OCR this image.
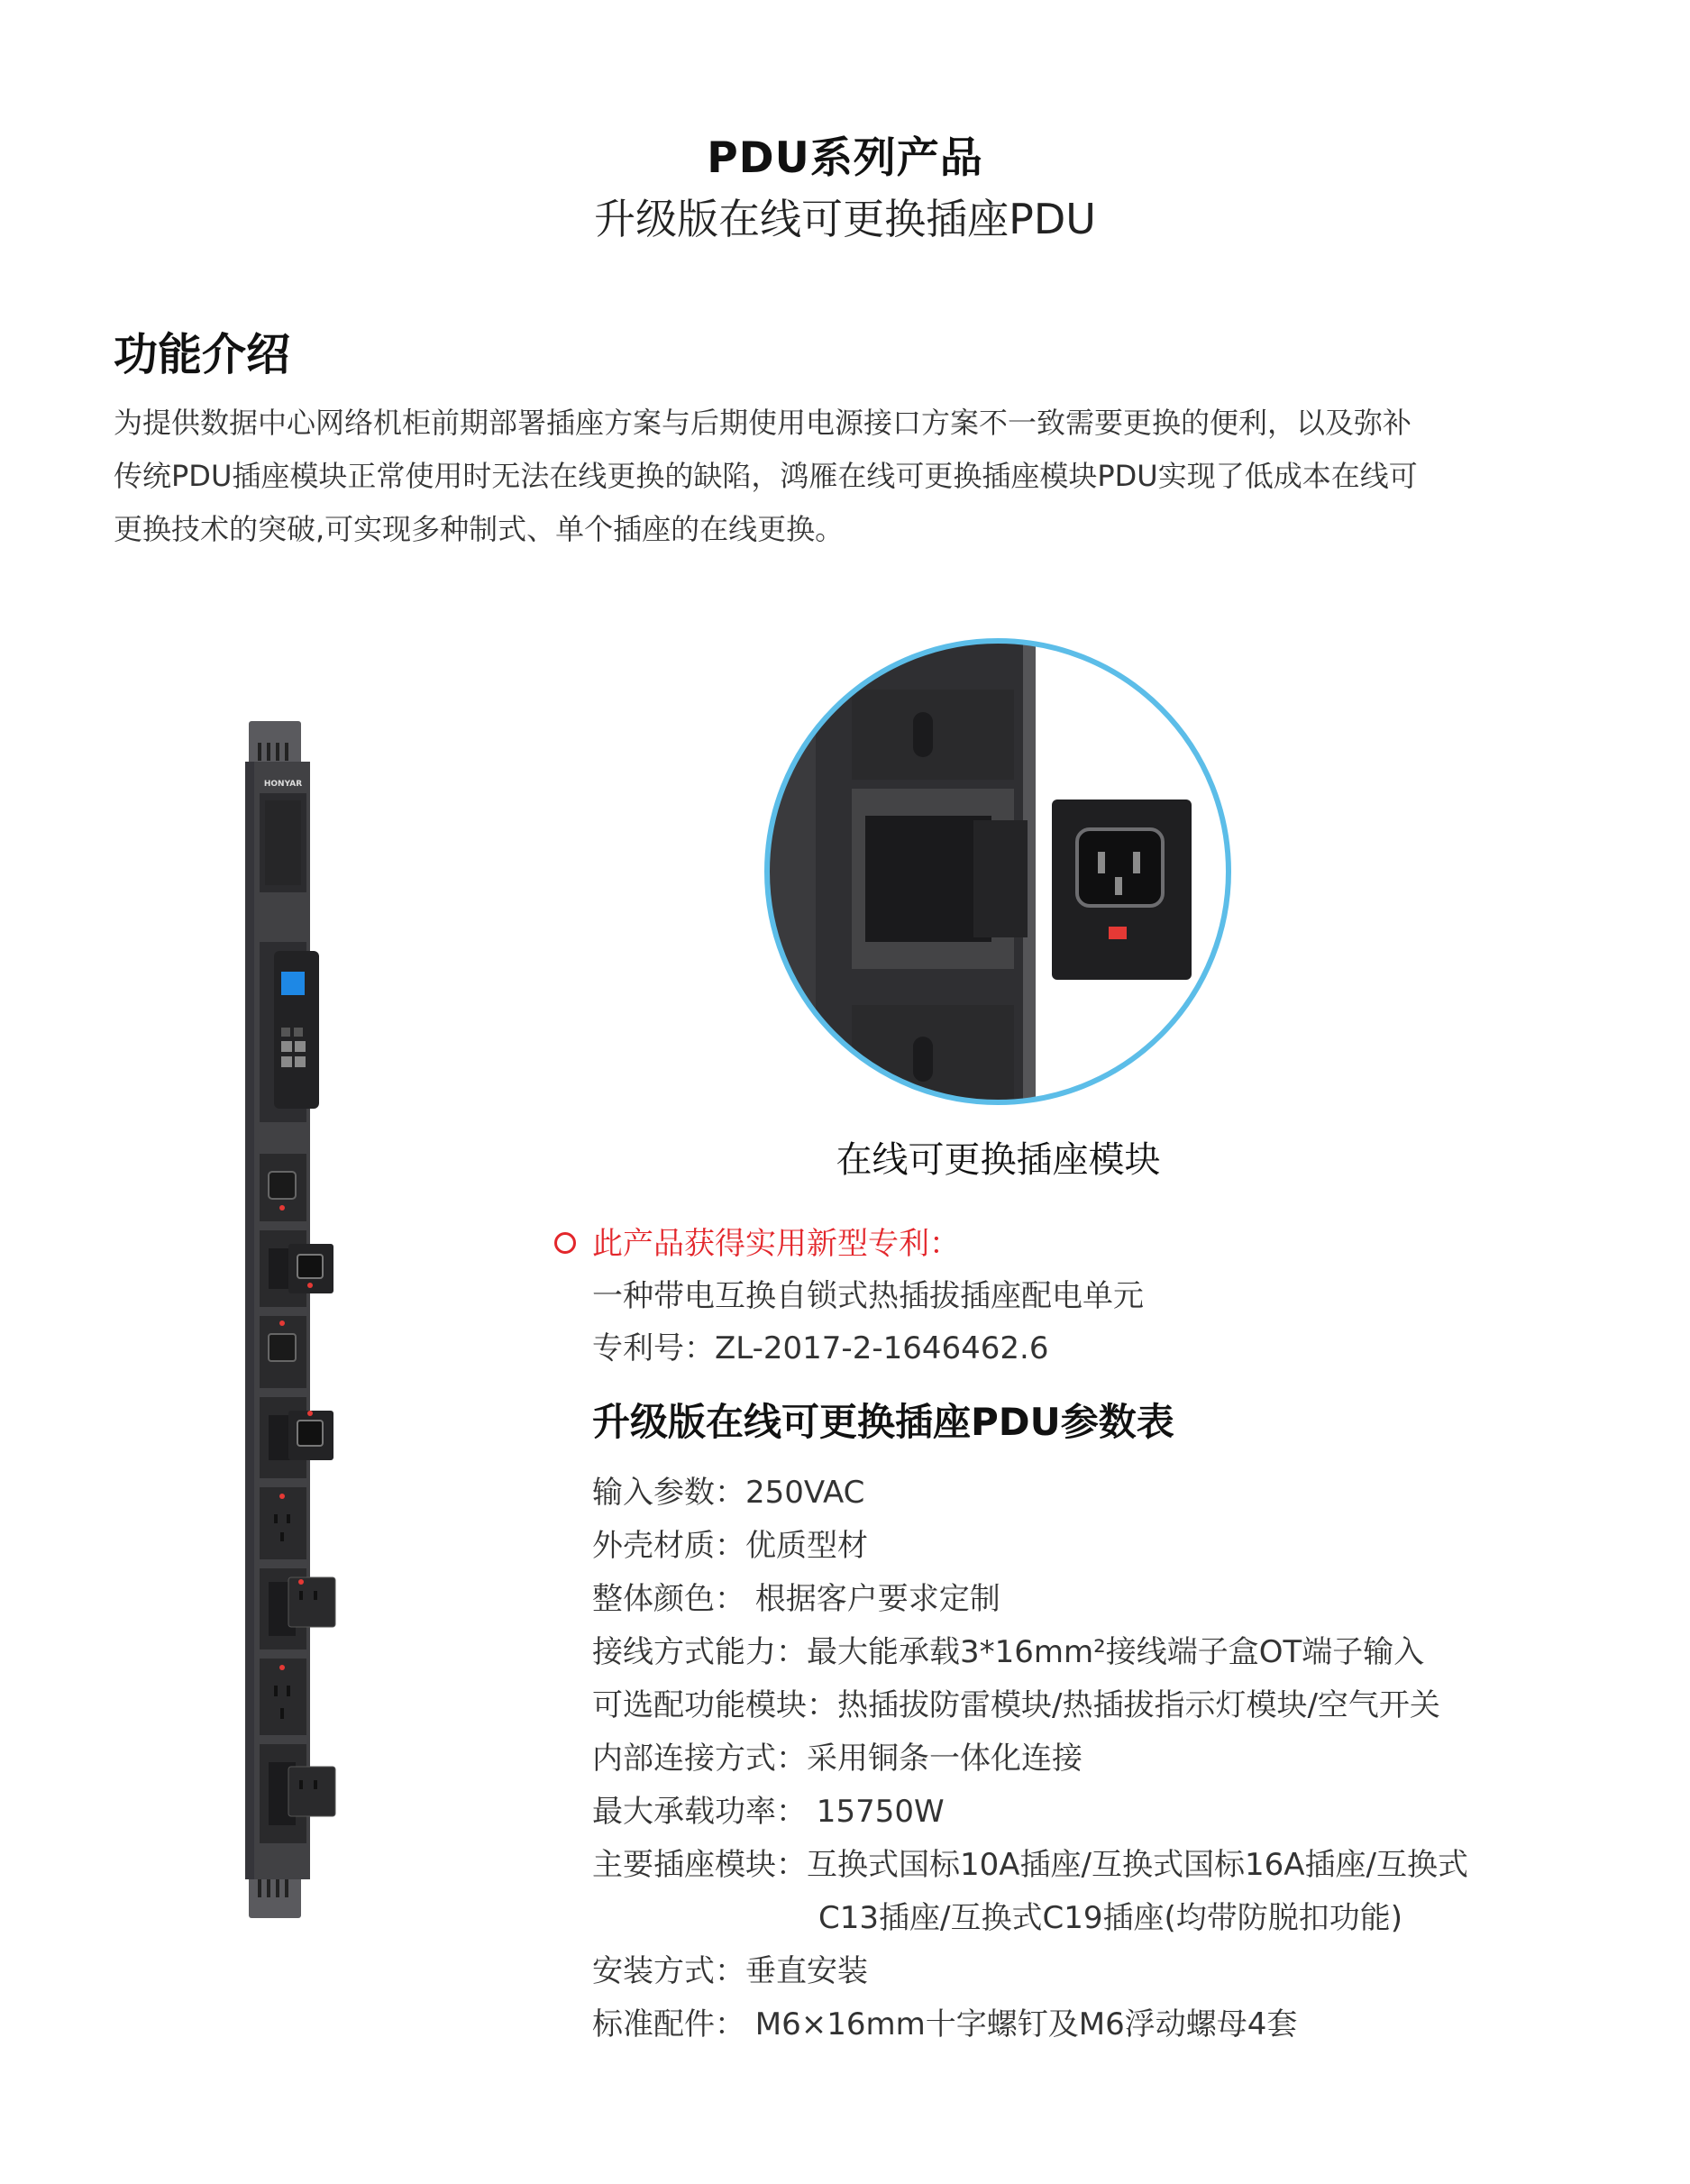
PDU系列产品
升级版在线可更换插座PDU
功能介绍
为提供数据中心网络机柜前期部署插座方案与后期使用电源接口方案不一致需要更换的便利，以及弥补
传统PDU插座模块正常使用时无法在线更换的缺陷，鸿雁在线可更换插座模块PDU实现了低成本在线可
更换技术的突破,可实现多种制式、单个插座的在线更换。
HONYAR
在线可更换插座模块
此产品获得实用新型专利：
一种带电互换自锁式热插拔插座配电单元
专利号：ZL-2017-2-1646462.6
升级版在线可更换插座PDU参数表
输入参数：250VAC
外壳材质：优质型材
整体颜色： 根据客户要求定制
接线方式能力：最大能承载3*16mm²接线端子盒OT端子输入
可选配功能模块：热插拔防雷模块/热插拔指示灯模块/空气开关
内部连接方式：采用铜条一体化连接
最大承载功率： 15750W
主要插座模块：互换式国标10A插座/互换式国标16A插座/互换式
C13插座/互换式C19插座(均带防脱扣功能)
安装方式：垂直安装
标准配件： M6×16mm十字螺钉及M6浮动螺母4套
